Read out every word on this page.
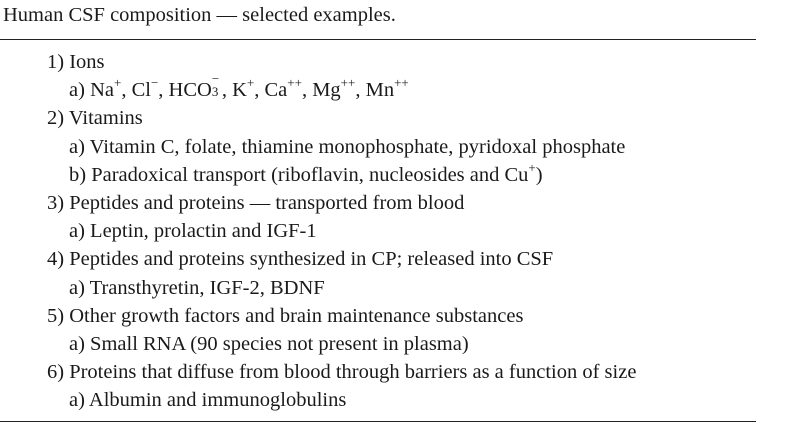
Human CSF composition — selected examples.
1) Ions
a) Na+, Cl−, HCO
−
3 , K+, Ca++, Mg++, Mn++
2) Vitamins
a) Vitamin C, folate, thiamine monophosphate, pyridoxal phosphate
b) Paradoxical transport (riboflavin, nucleosides and Cu+)
3) Peptides and proteins — transported from blood
a) Leptin, prolactin and IGF-1
4) Peptides and proteins synthesized in CP; released into CSF
a) Transthyretin, IGF-2, BDNF
5) Other growth factors and brain maintenance substances
a) Small RNA (90 species not present in plasma)
6) Proteins that diffuse from blood through barriers as a function of size
a) Albumin and immunoglobulins
